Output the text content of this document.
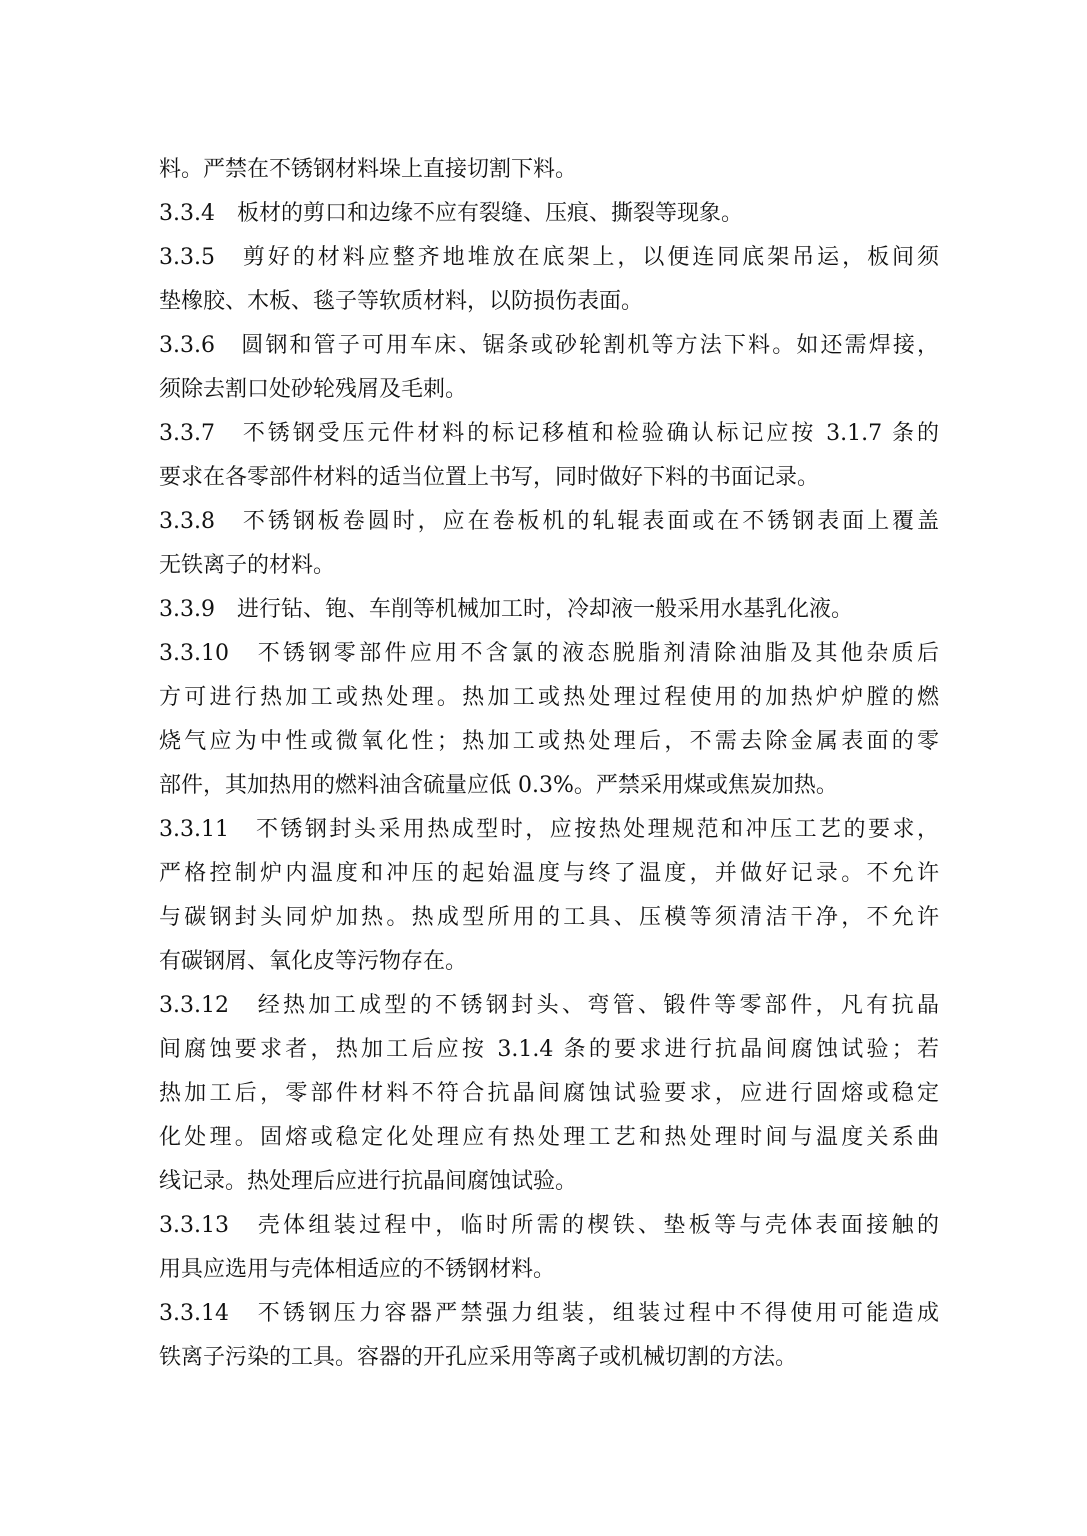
料。严禁在不锈钢材料垛上直接切割下料。
3.3.4　板材的剪口和边缘不应有裂缝、压痕、撕裂等现象。
3.3.5　剪好的材料应整齐地堆放在底架上，以便连同底架吊运，板间须
垫橡胶、木板、毯子等软质材料，以防损伤表面。
3.3.6　圆钢和管子可用车床、锯条或砂轮割机等方法下料。如还需焊接，
须除去割口处砂轮残屑及毛刺。
3.3.7　不锈钢受压元件材料的标记移植和检验确认标记应按 3.1.7 条的
要求在各零部件材料的适当位置上书写，同时做好下料的书面记录。
3.3.8　不锈钢板卷圆时，应在卷板机的轧辊表面或在不锈钢表面上覆盖
无铁离子的材料。
3.3.9　进行钻、铇、车削等机械加工时，冷却液一般采用水基乳化液。
3.3.10　不锈钢零部件应用不含氯的液态脱脂剂清除油脂及其他杂质后
方可进行热加工或热处理。热加工或热处理过程使用的加热炉炉膛的燃
烧气应为中性或微氧化性；热加工或热处理后，不需去除金属表面的零
部件，其加热用的燃料油含硫量应低 0.3%。严禁采用煤或焦炭加热。
3.3.11　不锈钢封头采用热成型时，应按热处理规范和冲压工艺的要求，
严格控制炉内温度和冲压的起始温度与终了温度，并做好记录。不允许
与碳钢封头同炉加热。热成型所用的工具、压模等须清洁干净，不允许
有碳钢屑、氧化皮等污物存在。
3.3.12　经热加工成型的不锈钢封头、弯管、锻件等零部件，凡有抗晶
间腐蚀要求者，热加工后应按 3.1.4 条的要求进行抗晶间腐蚀试验；若
热加工后，零部件材料不符合抗晶间腐蚀试验要求，应进行固熔或稳定
化处理。固熔或稳定化处理应有热处理工艺和热处理时间与温度关系曲
线记录。热处理后应进行抗晶间腐蚀试验。
3.3.13　壳体组装过程中，临时所需的楔铁、垫板等与壳体表面接触的
用具应选用与壳体相适应的不锈钢材料。
3.3.14　不锈钢压力容器严禁强力组装，组装过程中不得使用可能造成
铁离子污染的工具。容器的开孔应采用等离子或机械切割的方法。
